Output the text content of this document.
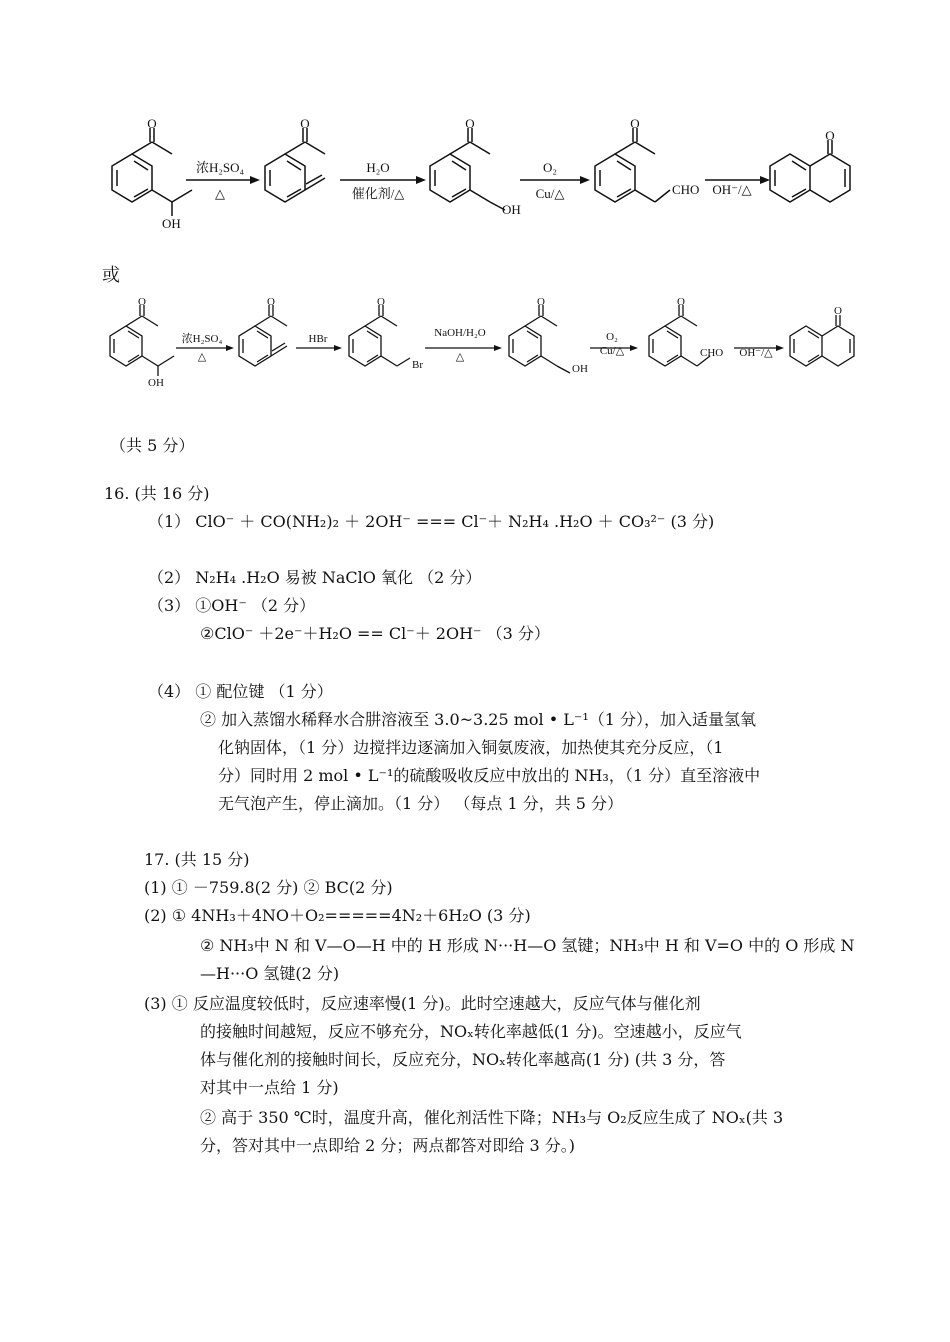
O	O	O	O
O
OH
OH
CHO
浓H₂SO₄
△
H₂O
催化剂/△
O₂
Cu/△	OH⁻/△
或
O	O	O	O	O
O
OH
Br	OH
CHO
浓H₂SO₄
△
HBr	NaOH/H₂O
△
O₂
Cu/△	OH⁻/△
（共 5 分）
16. (共 16 分)
（1） ClO⁻ ＋ CO(NH₂)₂ ＋ 2OH⁻ === Cl⁻＋ N₂H₄ .H₂O ＋ CO₃²⁻ (3 分)
（2） N₂H₄ .H₂O 易被 NaClO 氧化 （2 分）
（3） ①OH⁻ （2 分）
②ClO⁻ ＋2e⁻＋H₂O == Cl⁻＋ 2OH⁻ （3 分）
（4） ① 配位键 （1 分）
② 加入蒸馏水稀释水合肼溶液至 3.0~3.25 mol • L⁻¹（1 分），加入适量氢氧
化钠固体，（1 分）边搅拌边逐滴加入铜氨废液，加热使其充分反应，（1
分）同时用 2 mol • L⁻¹的硫酸吸收反应中放出的 NH₃，（1 分）直至溶液中
无气泡产生，停止滴加。（1 分） （每点 1 分，共 5 分）
17. (共 15 分)
(1) ① －759.8(2 分) ② BC(2 分)
(2) ① 4NH₃＋4NO＋O₂=====4N₂＋6H₂O (3 分)
② NH₃中 N 和 V—O—H 中的 H 形成 N···H—O 氢键；NH₃中 H 和 V=O 中的 O 形成 N
—H···O 氢键(2 分)
(3) ① 反应温度较低时，反应速率慢(1 分)。此时空速越大，反应气体与催化剂
的接触时间越短，反应不够充分，NOₓ转化率越低(1 分)。空速越小，反应气
体与催化剂的接触时间长，反应充分，NOₓ转化率越高(1 分) (共 3 分，答
对其中一点给 1 分)
② 高于 350 ℃时，温度升高，催化剂活性下降；NH₃与 O₂反应生成了 NOₓ(共 3
分，答对其中一点即给 2 分；两点都答对即给 3 分。)
